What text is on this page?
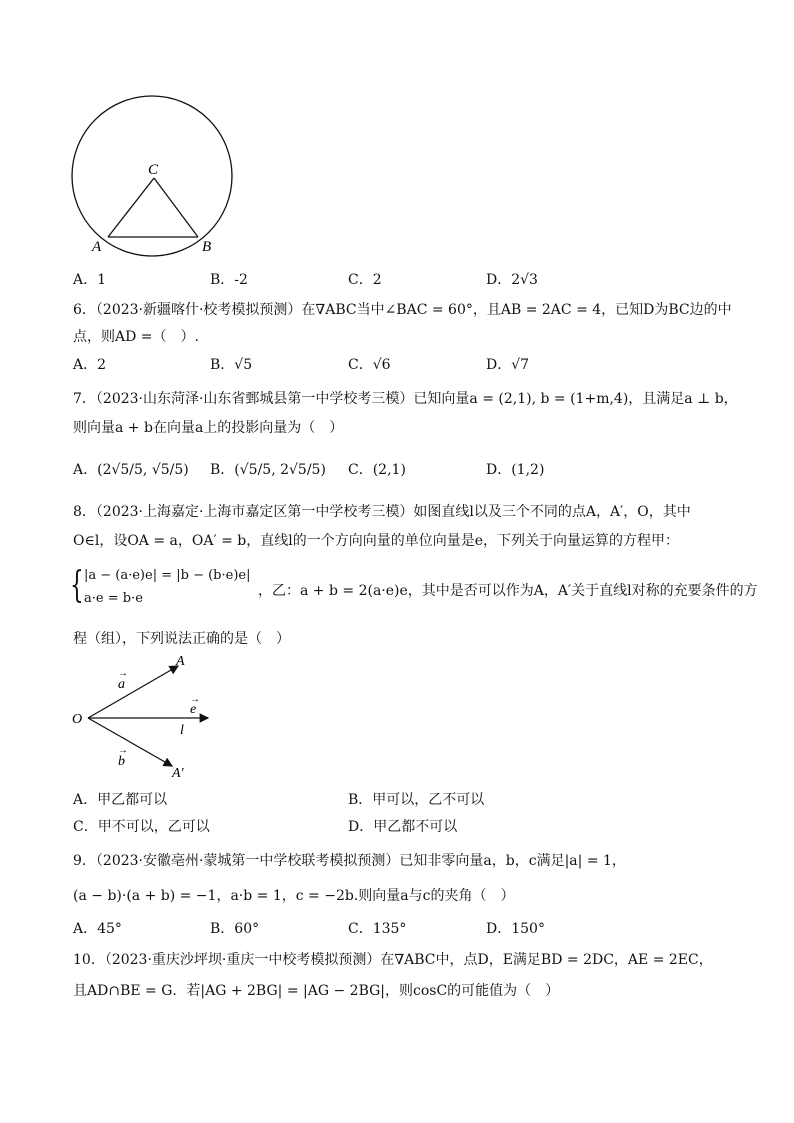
C
A	B
A．1	B．-2	C．2	D．2√3
6．（2023·新疆喀什·校考模拟预测）在∇ABC当中∠BAC = 60°，且AB = 2AC = 4，已知D为BC边的中
点，则AD =（　）.
A．2	B．√5	C．√6	D．√7
7．（2023·山东菏泽·山东省鄄城县第一中学校考三模）已知向量a = (2,1), b = (1+m,4)，且满足a ⊥ b，
则向量a + b在向量a上的投影向量为（　）
A．(2√5/5, √5/5) B．(√5/5, 2√5/5) C．(2,1)	D．(1,2)
8．（2023·上海嘉定·上海市嘉定区第一中学校考三模）如图直线l以及三个不同的点A，A′，O，其中
O∈l，设OA = a，OA′ = b，直线l的一个方向向量的单位向量是e，下列关于向量运算的方程甲：
{ |a − (a·e)e| = |b − (b·e)e|
a·e = b·e	，乙：a + b = 2(a·e)e，其中是否可以作为A，A′关于直线l对称的充要条件的方
程（组），下列说法正确的是（　）
a
→
A
O
e
→
l
b
→
A′
A．甲乙都可以	B．甲可以，乙不可以
C．甲不可以，乙可以	D．甲乙都不可以
9．（2023·安徽亳州·蒙城第一中学校联考模拟预测）已知非零向量a，b，c满足|a| = 1，
(a − b)·(a + b) = −1，a·b = 1，c = −2b.则向量a与c的夹角（　）
A．45°	B．60°	C．135°	D．150°
10．（2023·重庆沙坪坝·重庆一中校考模拟预测）在∇ABC中，点D，E满足BD = 2DC，AE = 2EC，
且AD∩BE = G．若|AG + 2BG| = |AG − 2BG|，则cosC的可能值为（　）
